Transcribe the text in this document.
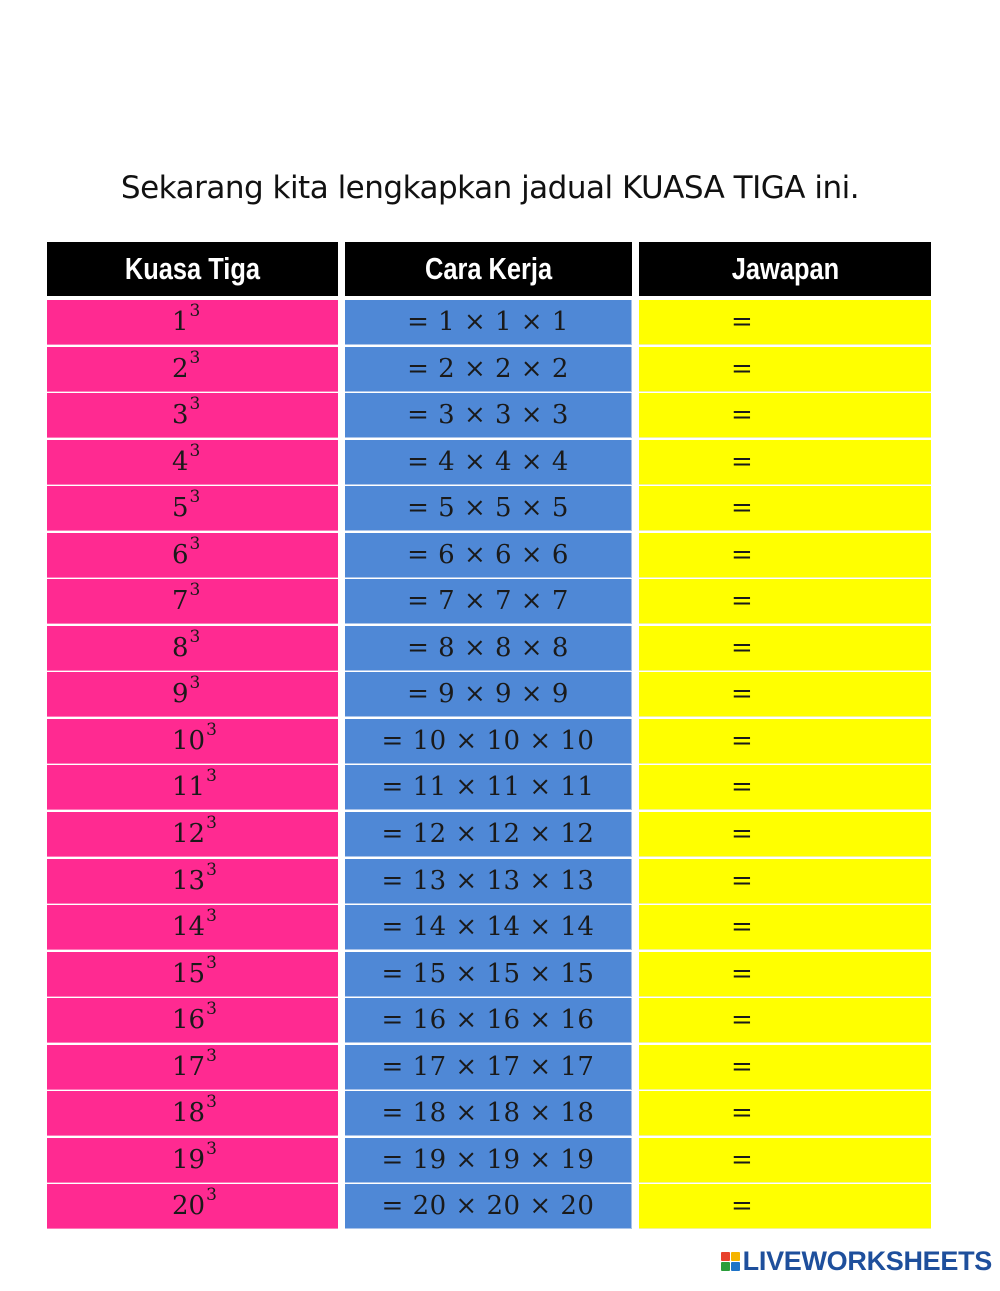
Sekarang kita lengkapkan jadual KUASA TIGA ini.
Kuasa Tiga
1 3
2 3
3 3
4 3
5 3
6 3
7 3
8 3
9 3
10 3
11 3
12 3
13 3
14 3
15 3
16 3
17 3
18 3
19 3
20 3
Cara Kerja
= 1 × 1 × 1
= 2 × 2 × 2
= 3 × 3 × 3
= 4 × 4 × 4
= 5 × 5 × 5
= 6 × 6 × 6
= 7 × 7 × 7
= 8 × 8 × 8
= 9 × 9 × 9
= 10 × 10 × 10
= 11 × 11 × 11
= 12 × 12 × 12
= 13 × 13 × 13
= 14 × 14 × 14
= 15 × 15 × 15
= 16 × 16 × 16
= 17 × 17 × 17
= 18 × 18 × 18
= 19 × 19 × 19
= 20 × 20 × 20
Jawapan
=
=
=
=
=
=
=
=
=
=
=
=
=
=
=
=
=
=
=
=
LIVEWORKSHEETS
